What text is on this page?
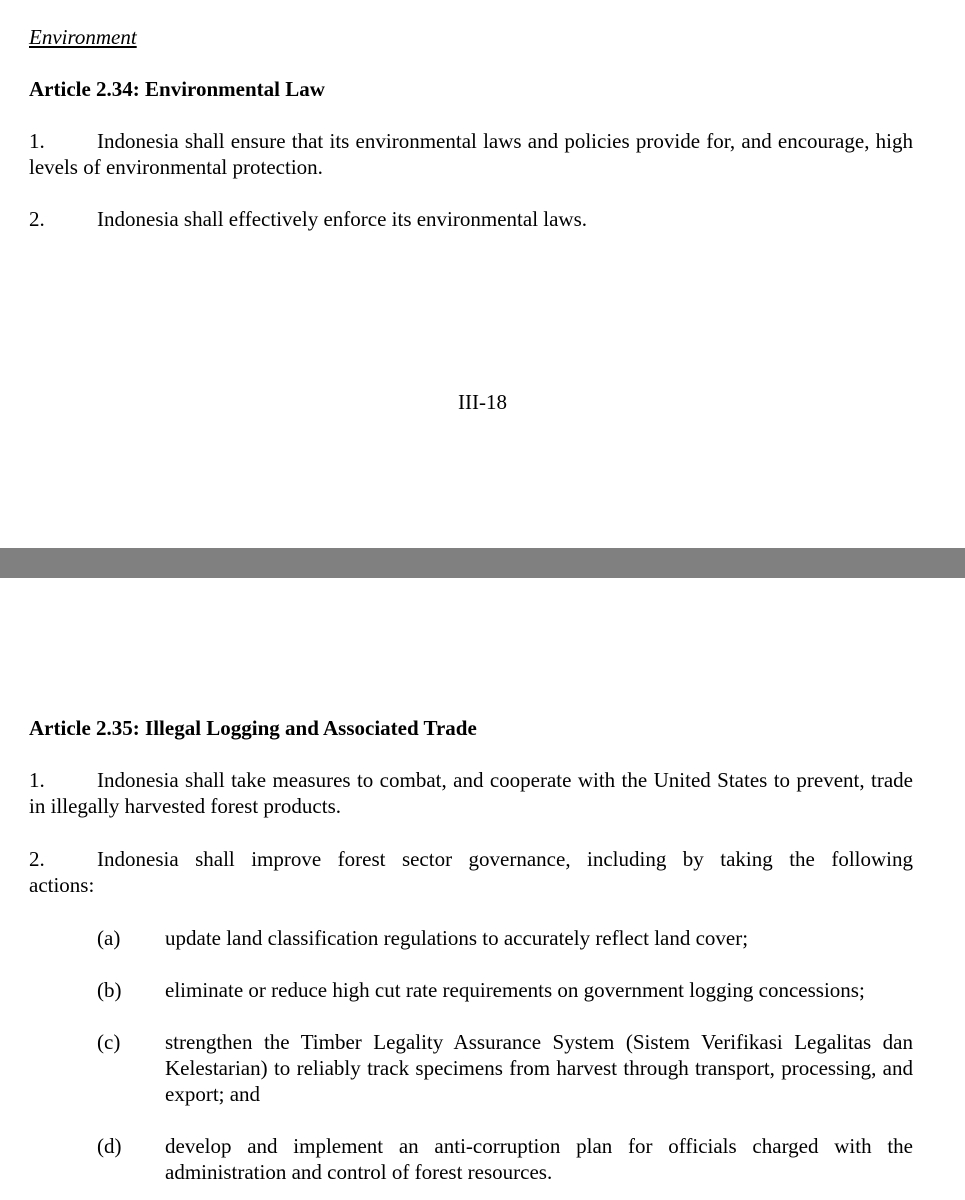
Environment
Article 2.34: Environmental Law
1. Indonesia shall ensure that its environmental laws and policies provide for, and encourage, high levels of environmental protection.
2. Indonesia shall effectively enforce its environmental laws.
III-18
Article 2.35: Illegal Logging and Associated Trade
1. Indonesia shall take measures to combat, and cooperate with the United States to prevent, trade in illegally harvested forest products.
2. Indonesia shall improve forest sector governance, including by taking the following actions:
(a) update land classification regulations to accurately reflect land cover;
(b) eliminate or reduce high cut rate requirements on government logging concessions;
(c) strengthen the Timber Legality Assurance System (Sistem Verifikasi Legalitas dan Kelestarian) to reliably track specimens from harvest through transport, processing, and export; and
(d) develop and implement an anti-corruption plan for officials charged with the administration and control of forest resources.
